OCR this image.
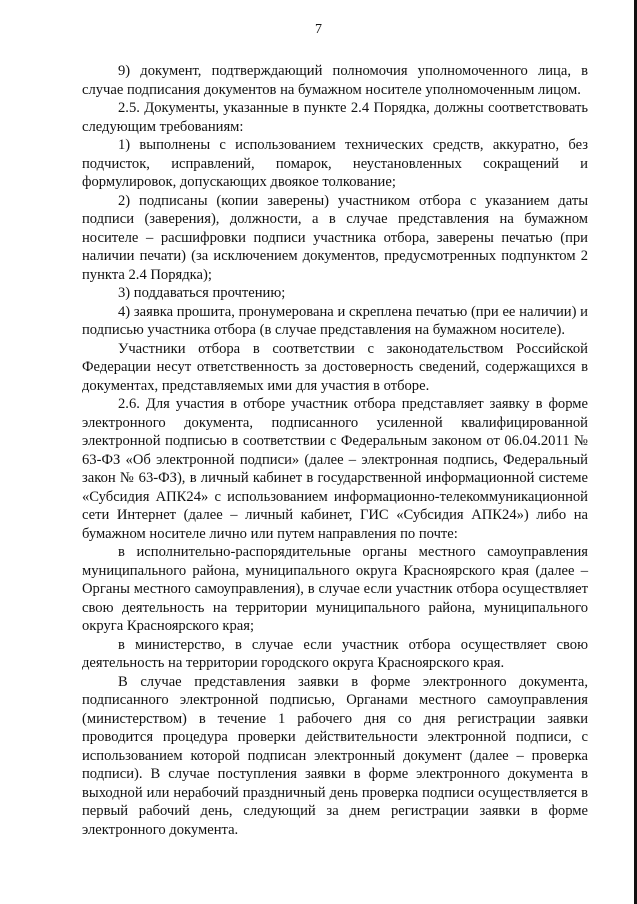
7

9) документ, подтверждающий полномочия уполномоченного лица, в случае подписания документов на бумажном носителе уполномоченным лицом.

2.5. Документы, указанные в пункте 2.4 Порядка, должны соответствовать следующим требованиям:

1) выполнены с использованием технических средств, аккуратно, без подчисток, исправлений, помарок, неустановленных сокращений и формулировок, допускающих двоякое толкование;

2) подписаны (копии заверены) участником отбора с указанием даты подписи (заверения), должности, а в случае представления на бумажном носителе – расшифровки подписи участника отбора, заверены печатью (при наличии печати) (за исключением документов, предусмотренных подпунктом 2 пункта 2.4 Порядка);

3) поддаваться прочтению;

4) заявка прошита, пронумерована и скреплена печатью (при ее наличии) и подписью участника отбора (в случае представления на бумажном носителе).

Участники отбора в соответствии с законодательством Российской Федерации несут ответственность за достоверность сведений, содержащихся в документах, представляемых ими для участия в отборе.

2.6. Для участия в отборе участник отбора представляет заявку в форме электронного документа, подписанного усиленной квалифицированной электронной подписью в соответствии с Федеральным законом от 06.04.2011 № 63-ФЗ «Об электронной подписи» (далее – электронная подпись, Федеральный закон № 63-ФЗ), в личный кабинет в государственной информационной системе «Субсидия АПК24» с использованием информационно-телекоммуникационной сети Интернет (далее – личный кабинет, ГИС «Субсидия АПК24») либо на бумажном носителе лично или путем направления по почте:

в исполнительно-распорядительные органы местного самоуправления муниципального района, муниципального округа Красноярского края (далее – Органы местного самоуправления), в случае если участник отбора осуществляет свою деятельность на территории муниципального района, муниципального округа Красноярского края;

в министерство, в случае если участник отбора осуществляет свою деятельность на территории городского округа Красноярского края.

В случае представления заявки в форме электронного документа, подписанного электронной подписью, Органами местного самоуправления (министерством) в течение 1 рабочего дня со дня регистрации заявки проводится процедура проверки действительности электронной подписи, с использованием которой подписан электронный документ (далее – проверка подписи). В случае поступления заявки в форме электронного документа в выходной или нерабочий праздничный день проверка подписи осуществляется в первый рабочий день, следующий за днем регистрации заявки в форме электронного документа.
